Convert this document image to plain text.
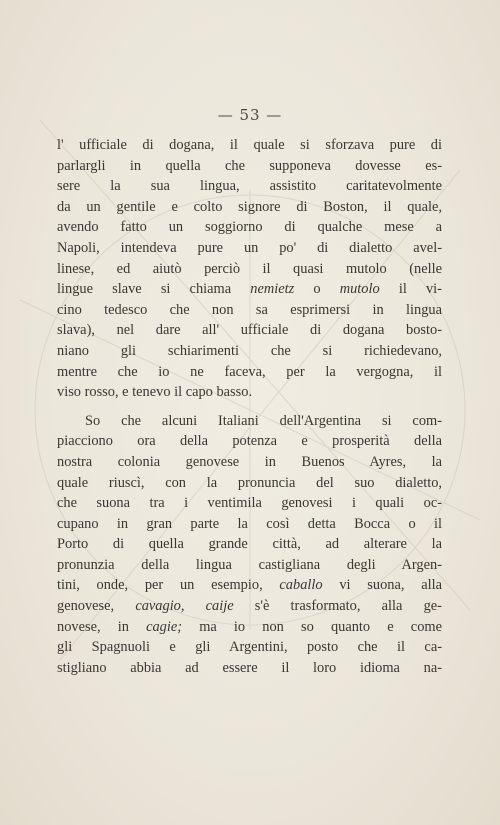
— 53 —
l' ufficiale di dogana, il quale si sforzava pure di
parlargli in quella che supponeva dovesse es-
sere la sua lingua, assistito caritatevolmente
da un gentile e colto signore di Boston, il quale,
avendo fatto un soggiorno di qualche mese a
Napoli, intendeva pure un po' di dialetto avel-
linese, ed aiutò perciò il quasi mutolo (nelle
lingue slave si chiama nemietz o mutolo il vi-
cino tedesco che non sa esprimersi in lingua
slava), nel dare all' ufficiale di dogana bosto-
niano gli schiarimenti che si richiedevano,
mentre che io ne faceva, per la vergogna, il
viso rosso, e tenevo il capo basso.
So che alcuni Italiani dell'Argentina si com-
piacciono ora della potenza e prosperità della
nostra colonia genovese in Buenos Ayres, la
quale riuscì, con la pronuncia del suo dialetto,
che suona tra i ventimila genovesi i quali oc-
cupano in gran parte la così detta Bocca o il
Porto di quella grande città, ad alterare la
pronunzia della lingua castigliana degli Argen-
tini, onde, per un esempio, caballo vi suona, alla
genovese, cavagio, caije s'è trasformato, alla ge-
novese, in cagie; ma io non so quanto e come
gli Spagnuoli e gli Argentini, posto che il ca-
stigliano abbia ad essere il loro idioma na-
